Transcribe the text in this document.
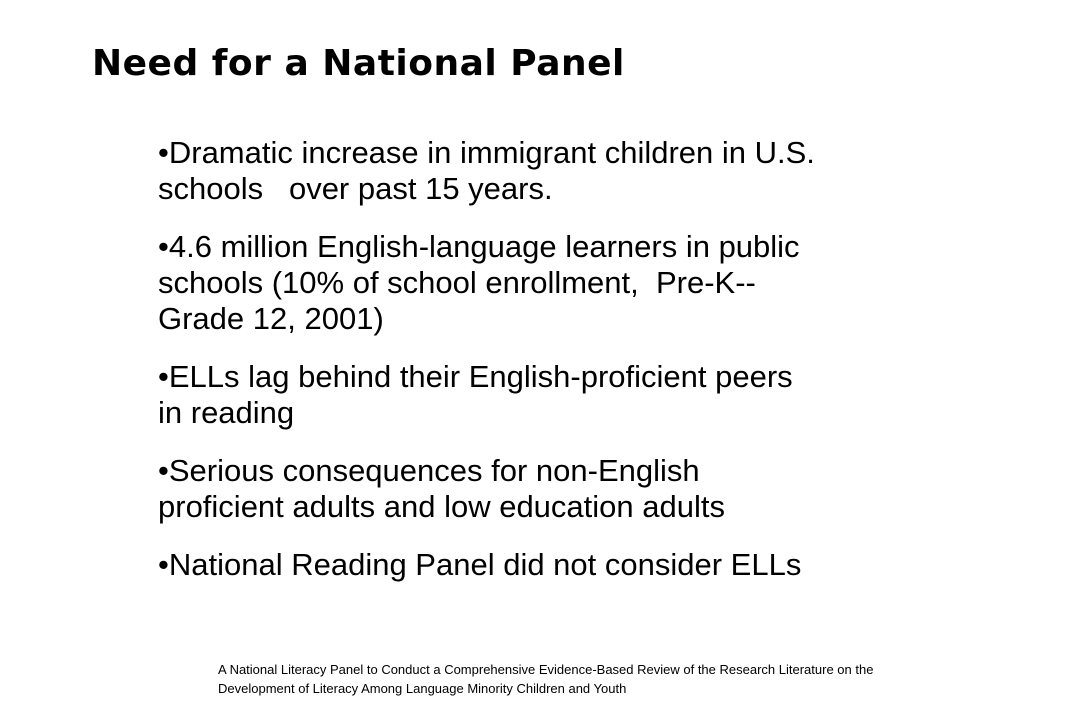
Need for a National Panel
•Dramatic increase in immigrant children in U.S.
schools   over past 15 years.
•4.6 million English-language learners in public
schools (10% of school enrollment,  Pre-K--
Grade 12, 2001)
•ELLs lag behind their English-proficient peers
in reading
•Serious consequences for non-English
proficient adults and low education adults
•National Reading Panel did not consider ELLs

A National Literacy Panel to Conduct a Comprehensive Evidence-Based Review of the Research Literature on the
Development of Literacy Among Language Minority Children and Youth
